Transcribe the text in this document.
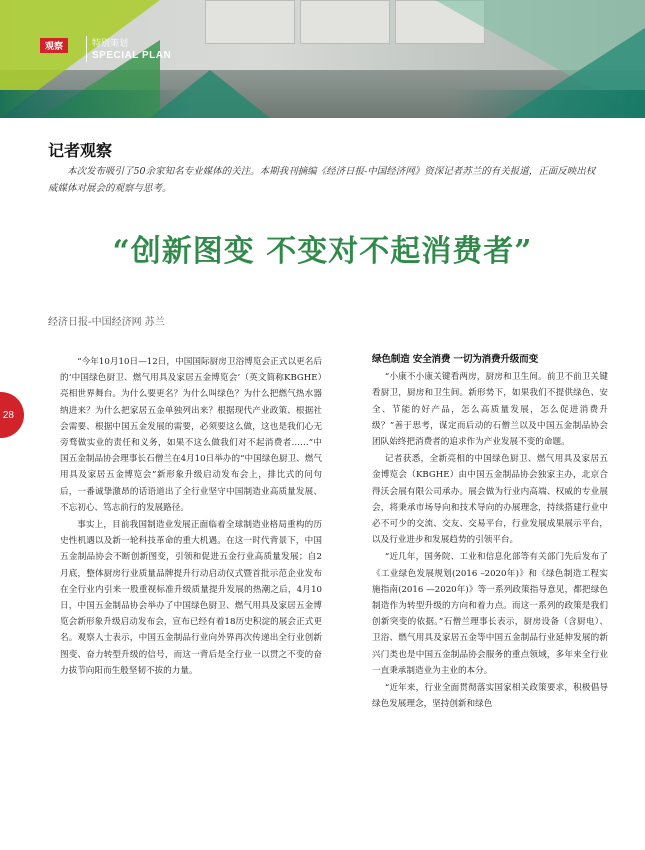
观察	特别策划
SPECIAL PLAN
记者观察
本次发布吸引了50余家知名专业媒体的关注。本期我刊摘编《经济日报-中国经济网》资深记者苏兰的有关报道，正面反映出权威媒体对展会的观察与思考。
“创新图变 不变对不起消费者”
经济日报-中国经济网 苏兰
28

“今年10月10日—12日，中国国际厨房卫浴博览会正式以更名后的‘中国绿色厨卫、燃气用具及家居五金博览会’（英文简称KBGHE）亮相世界舞台。为什么要更名？为什么叫绿色？为什么把燃气热水器纳进来？为什么把家居五金单独列出来？根据现代产业政策、根据社会需要、根据中国五金发展的需要，必须要这么做，这也是我们心无旁骛做实业的责任和义务，如果不这么做我们对不起消费者……”中国五金制品协会理事长石僧兰在4月10日举办的“中国绿色厨卫、燃气用具及家居五金博览会”新形象升级启动发布会上，排比式的问句后，一番诚挚激昂的话语道出了全行业坚守中国制造业高质量发展、不忘初心、笃志前行的发展路径。

事实上，目前我国制造业发展正面临着全球制造业格局重构的历史性机遇以及新一轮科技革命的重大机遇。在这一时代背景下，中国五金制品协会不断创新图变，引领和促进五金行业高质量发展；自2月底，整体厨房行业质量品牌提升行动启动仪式暨首批示范企业发布在全行业内引来一股重视标准升级质量提升发展的热潮之后，4月10日，中国五金制品协会举办了中国绿色厨卫、燃气用具及家居五金博览会新形象升级启动发布会，宣布已经有着18历史积淀的展会正式更名。观察人士表示，中国五金制品行业向外界再次传递出全行业创新图变、奋力转型升级的信号，而这一背后是全行业一以贯之不变的奋力拔节向阳而生般坚韧不拔的力量。

绿色制造 安全消费 一切为消费升级而变

“小康不小康关键看两房，厨房和卫生间。前卫不前卫关键看厨卫，厨房和卫生间。新形势下，如果我们不提供绿色、安全、节能的好产品，怎么高质量发展，怎么促进消费升级？”善于思考，谋定而后动的石僧兰以及中国五金制品协会团队始终把消费者的追求作为产业发展不变的命题。

记者获悉，全新亮相的中国绿色厨卫、燃气用具及家居五金博览会（KBGHE）由中国五金制品协会独家主办，北京合得沃会展有限公司承办。展会做为行业内高端、权威的专业展会，将秉承市场导向和技术导向的办展理念，持续搭建行业中必不可少的交流、交友、交易平台，行业发展成果展示平台，以及行业进步和发展趋势的引领平台。

“近几年，国务院、工业和信息化部等有关部门先后发布了《工业绿色发展规划(2016 –2020年)》和《绿色制造工程实施指南(2016 —2020年)》等一系列政策指导意见，都把绿色制造作为转型升级的方向和着力点。而这一系列的政策是我们创新突变的依据。”石僧兰理事长表示，厨房设备（含厨电）、卫浴、燃气用具及家居五金等中国五金制品行业延伸发展的新兴门类也是中国五金制品协会服务的重点领域，多年来全行业一直秉承制造业为主业的本分。

“近年来，行业全面贯彻落实国家相关政策要求，积极倡导绿色发展理念，坚持创新和绿色
